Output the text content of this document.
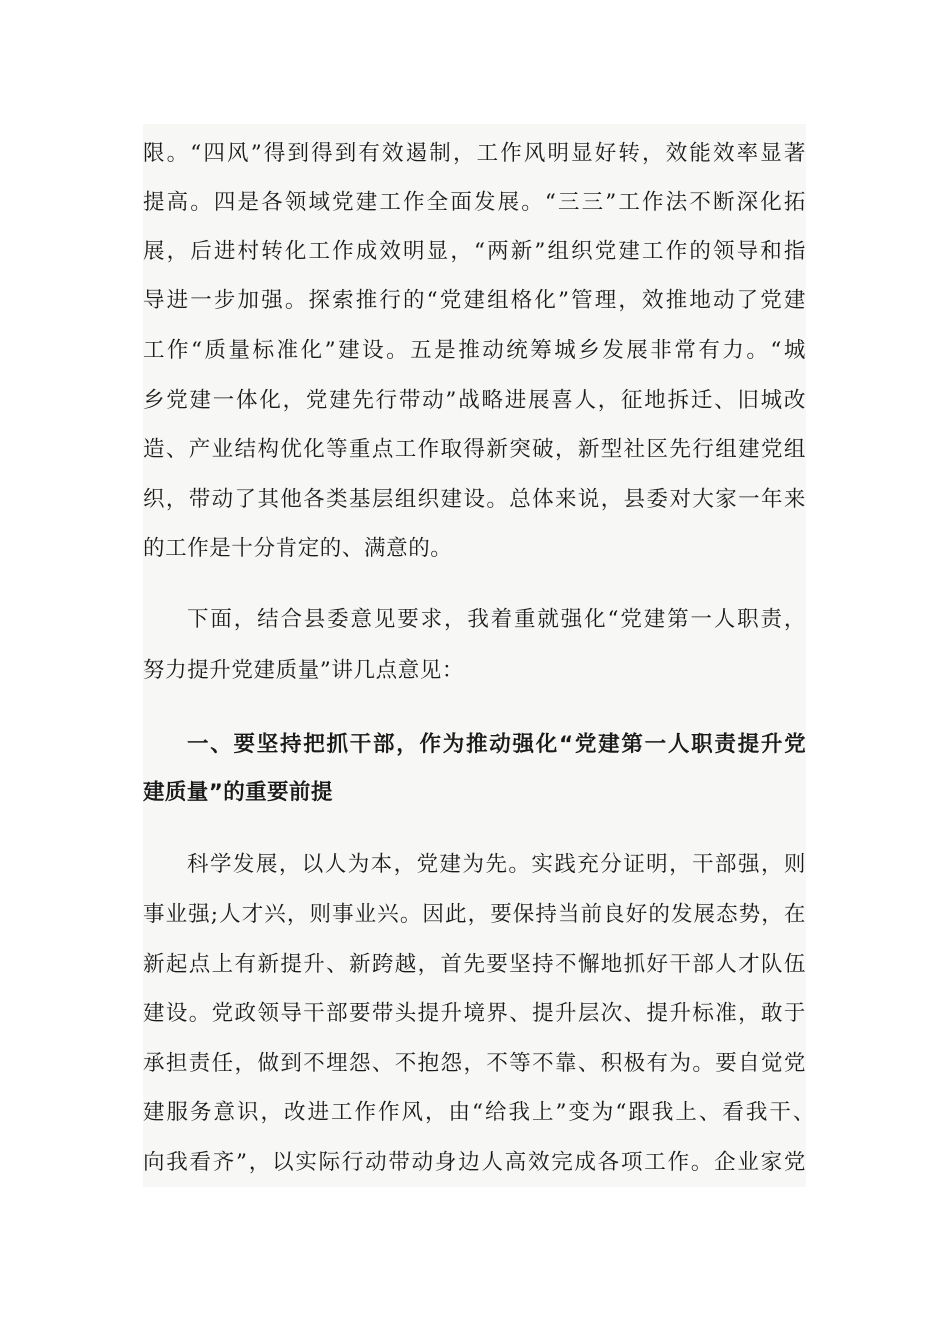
限。“四风”得到得到有效遏制，工作风明显好转，效能效率显著
提高。四是各领域党建工作全面发展。“三三”工作法不断深化拓
展，后进村转化工作成效明显，“两新”组织党建工作的领导和指
导进一步加强。探索推行的“党建组格化”管理，效推地动了党建
工作“质量标准化”建设。五是推动统筹城乡发展非常有力。“城
乡党建一体化，党建先行带动”战略进展喜人，征地拆迁、旧城改
造、产业结构优化等重点工作取得新突破，新型社区先行组建党组
织，带动了其他各类基层组织建设。总体来说，县委对大家一年来
的工作是十分肯定的、满意的。
下面，结合县委意见要求，我着重就强化“党建第一人职责，
努力提升党建质量”讲几点意见：
一、要坚持把抓干部，作为推动强化“党建第一人职责提升党
建质量”的重要前提
科学发展，以人为本，党建为先。实践充分证明，干部强，则
事业强;人才兴，则事业兴。因此，要保持当前良好的发展态势，在
新起点上有新提升、新跨越，首先要坚持不懈地抓好干部人才队伍
建设。党政领导干部要带头提升境界、提升层次、提升标准，敢于
承担责任，做到不埋怨、不抱怨，不等不靠、积极有为。要自觉党
建服务意识，改进工作作风，由“给我上”变为“跟我上、看我干、
向我看齐”，以实际行动带动身边人高效完成各项工作。企业家党
